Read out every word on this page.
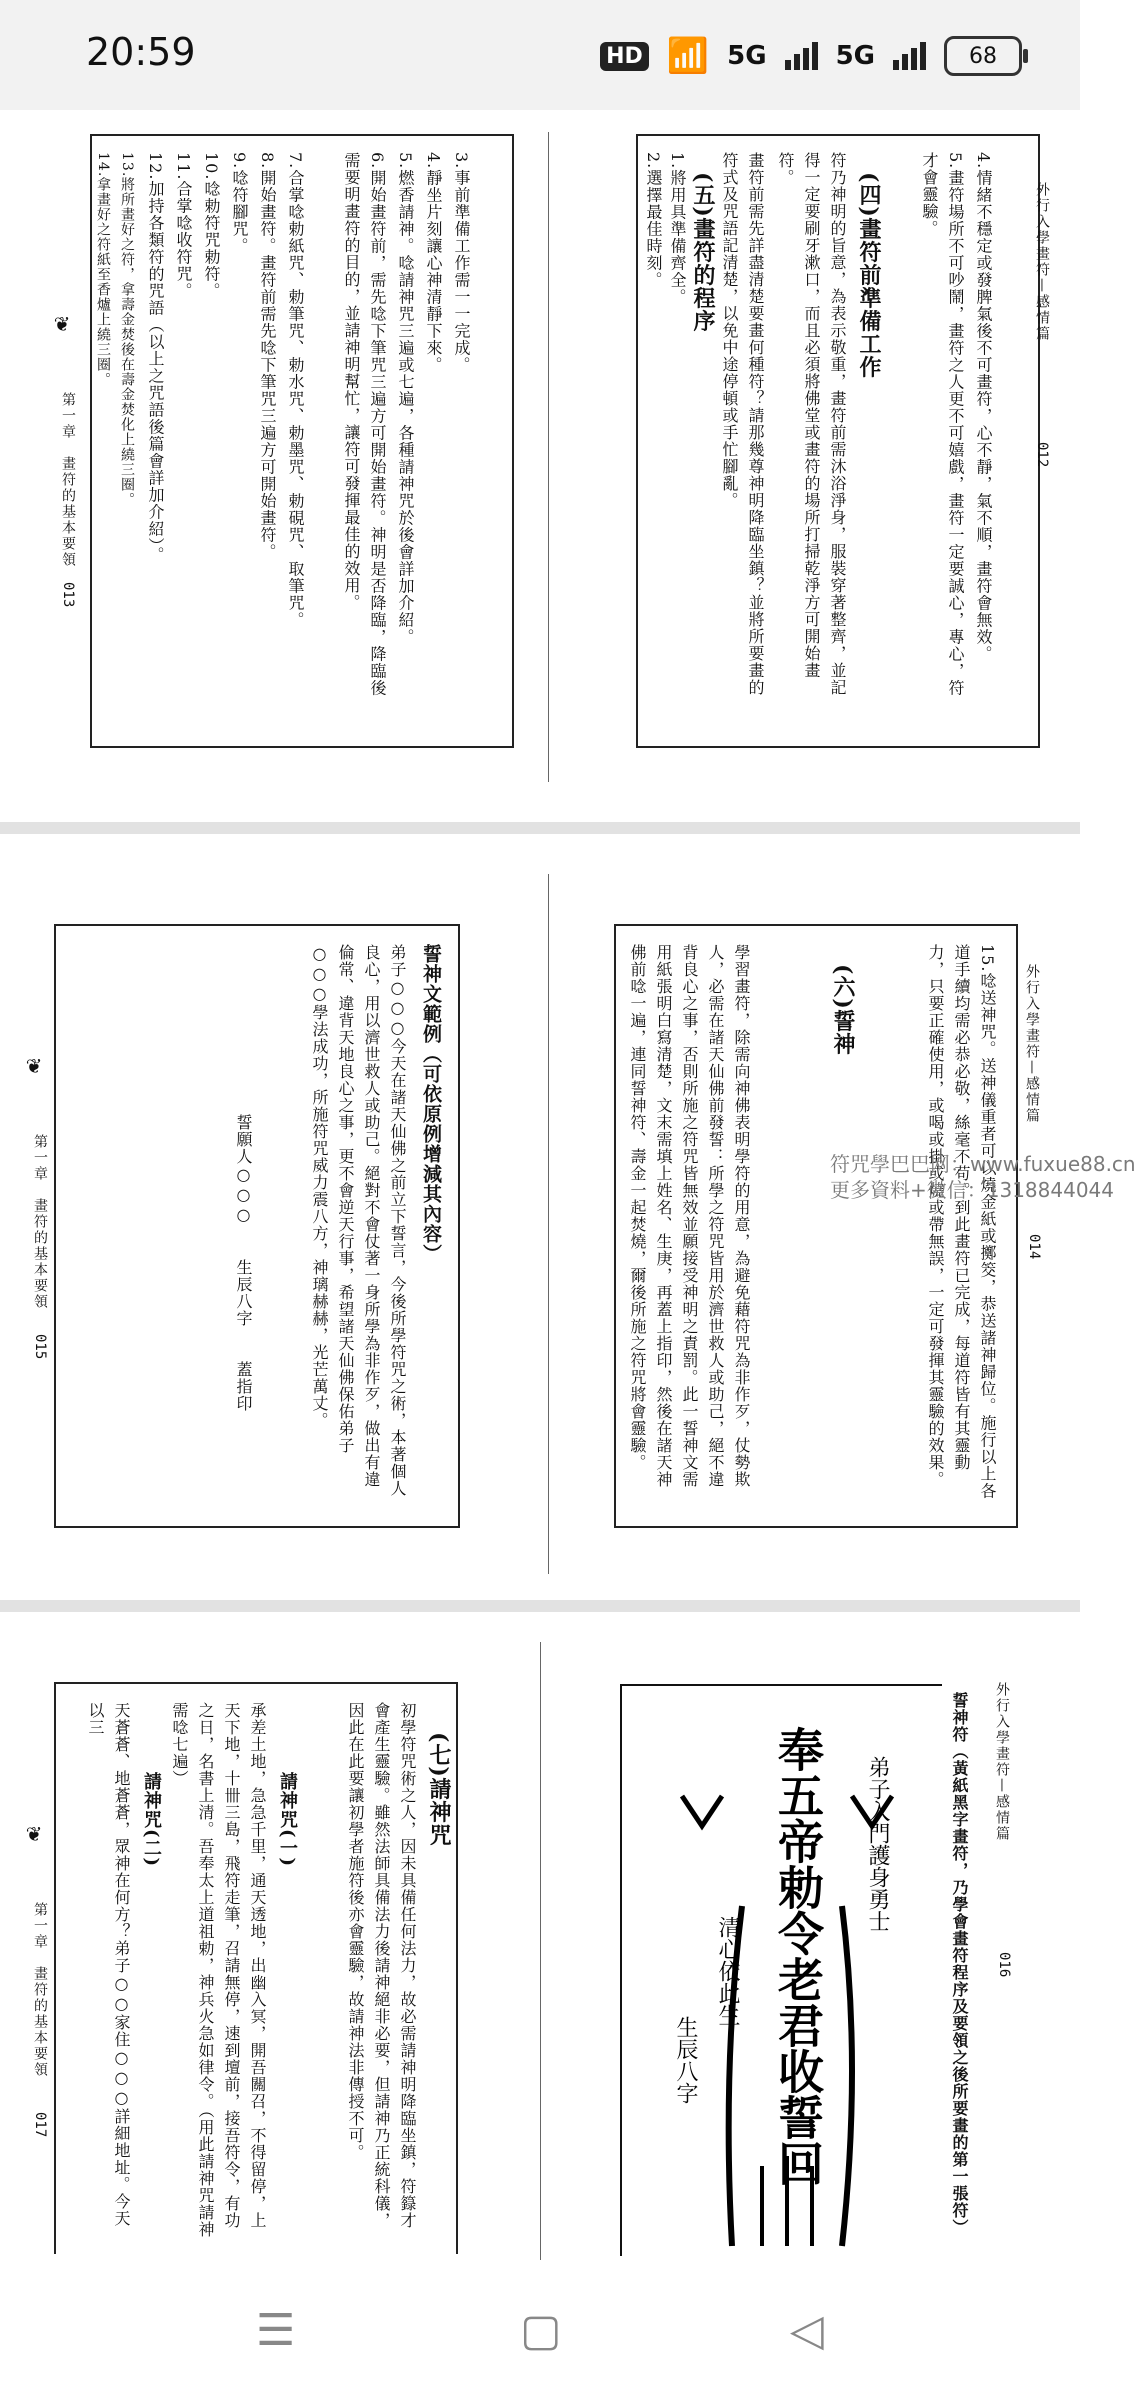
20:59	HD 📶 5G	5G	68
3.事前準備工作需一一完成。
4.靜坐片刻讓心神清靜下來。
5.燃香請神。唸請神咒三遍或七遍，各種請神咒於後會詳加介紹。
6.開始畫符前，需先唸下筆咒三遍方可開始畫符。神明是否降臨，降臨後需要明畫符的目的，並請神明幫忙，讓符可發揮最佳的效用。
7.合掌唸勅紙咒、勅筆咒、勅水咒、勅墨咒、勅硯咒、取筆咒。
8.開始畫符。畫符前需先唸下筆咒三遍方可開始畫符。
9.唸符腳咒。
10.唸勅符咒勅符。
11.合掌唸收符咒。
12.加持各類符的咒語（以上之咒語後篇會詳加介紹）。
13.將所畫好之符，拿壽金焚後在壽金焚化上繞三圈。
14.拿畫好之符紙至香爐上繞三圈。
❦
第一章　畫符的基本要領
013
外行入學畫符—感情篇
012
4.情緒不穩定或發脾氣後不可畫符，心不靜，氣不順，畫符會無效。
5.畫符場所不可吵鬧，畫符之人更不可嬉戲，畫符一定要誠心，專心，符才會靈驗。
(四)畫符前準備工作
符乃神明的旨意，為表示敬重，畫符前需沐浴淨身，服裝穿著整齊，並記得一定要刷牙漱口，而且必須將佛堂或畫符的場所打掃乾淨方可開始畫符。
畫符前需先詳盡清楚要畫何種符？請那幾尊神明降臨坐鎮？並將所要畫的符式及咒語記清楚，以免中途停頓或手忙腳亂。
(五)畫符的程序
1.將用具準備齊全。
2.選擇最佳時刻。
誓神文範例（可依原例增減其內容）
弟子○○○今天在諸天仙佛之前立下誓言，今後所學符咒之術，本著個人良心，用以濟世救人或助己。絕對不會仗著一身所學為非作歹，做出有違倫常、違背天地良心之事，更不會逆天行事，希望諸天仙佛保佑弟子○○○學法成功，所施符咒威力震八方，神璃赫赫，光芒萬丈。
誓願人○○○　　生辰八字　　蓋指印
❦
第一章　畫符的基本要領
015
外行入學畫符—感情篇
014
15.唸送神咒。送神儀重者可以燒金紙或擲筊，恭送諸神歸位。施行以上各道手續均需必恭必敬，絲毫不苟。到此畫符已完成，每道符皆有其靈動力，只要正確使用，或喝或掛或燒或帶無誤，一定可發揮其靈驗的效果。
(六)誓神
學習畫符，除需向神佛表明學符的用意，為避免藉符咒為非作歹，仗勢欺人，必需在諸天仙佛前發誓：所學之符咒皆用於濟世救人或助己，絕不違背良心之事，否則所施之符咒皆無效並願接受神明之責罰。此一誓神文需用紙張明白寫清楚，文末需填上姓名、生庚，再蓋上指印，然後在諸天神佛前唸一遍，連同誓神符、壽金一起焚燒，爾後所施之符咒將會靈驗。	符咒學巴巴网：www.fuxue88.cn
更多資料+微信：1318844044
(七)請神咒
初學符咒術之人，因未具備任何法力，故必需請神明降臨坐鎮，符籙才會產生靈驗。雖然法師具備法力後請神絕非必要，但請神乃正統科儀，因此在此要讓初學者施符後亦會靈驗，故請神法非傳授不可。
請神咒(一)
承差土地，急急千里，通天透地，出幽入冥，開吾關召，不得留停，上天下地，十卌三島，飛符走筆，召請無停，速到壇前，接吾符令，有功之日，名書上清。吾奉太上道祖勅，神兵火急如律令。（用此請神咒請神需唸七遍）
請神咒(二)
天蒼蒼、地蒼蒼，眾神在何方？弟子○○家住○○○詳細地址。今天以三
❦
第一章　畫符的基本要領
017
外行入學畫符—感情篇
016
誓神符（黃紙黑字畫符，乃學會畫符程序及要領之後所要畫的第一張符）
奉五帝勅令老君收誓回 弟子入門護身勇士
清心依此生
生辰八字
☰	▢	◁
